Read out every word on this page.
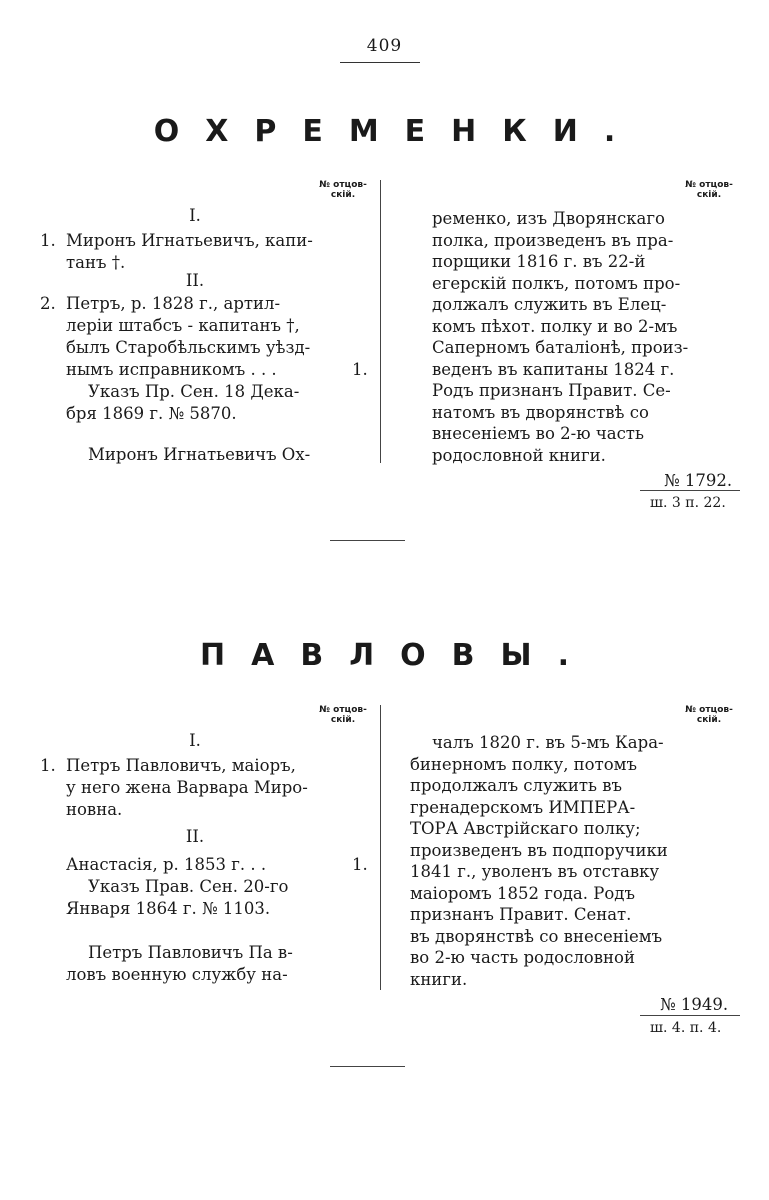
409
ОХРЕМЕНКИ.
№ отцов-
скій.
№ отцов-
скій.
I.
1. Миронъ Игнатьевичъ, капи-
танъ †.
II.
2. Петръ, р. 1828 г., артил-
леріи штабсъ - капитанъ †,
былъ Старобѣльскимъ уѣзд-
нымъ исправникомъ . . .	1.
Указъ Пр. Сен. 18 Дека-
бря 1869 г. № 5870.
Миронъ Игнатьевичъ Ох-
ременко, изъ Дворянскаго
полка, произведенъ въ пра-
порщики 1816 г. въ 22-й
егерскій полкъ, потомъ про-
должалъ служить въ Елец-
комъ пѣхот. полку и во 2-мъ
Саперномъ баталіонѣ, произ-
веденъ въ капитаны 1824 г.
Родъ признанъ Правит. Се-
натомъ въ дворянствѣ со
внесеніемъ во 2-ю часть
родословной книги.
№ 1792.
ш. 3 п. 22.
ПАВЛОВЫ.
№ отцов-
скій.
№ отцов-
скій.
I.
1. Петръ Павловичъ, маіоръ,
у него жена Варвара Миро-
новна.
II.
Анастасія, р. 1853 г. . .	1.
Указъ Прав. Сен. 20-го
Января 1864 г. № 1103.
Петръ Павловичъ Па в-
ловъ военную службу на-
чалъ 1820 г. въ 5-мъ Кара-
бинерномъ полку, потомъ
продолжалъ служить въ
гренадерскомъ ИМПЕРА-
ТОРА Австрійскаго полку;
произведенъ въ подпоручики
1841 г., уволенъ въ отставку
маіоромъ 1852 года. Родъ
признанъ Правит. Сенат.
въ дворянствѣ со внесеніемъ
во 2-ю часть родословной
книги.
№ 1949.
ш. 4. п. 4.
